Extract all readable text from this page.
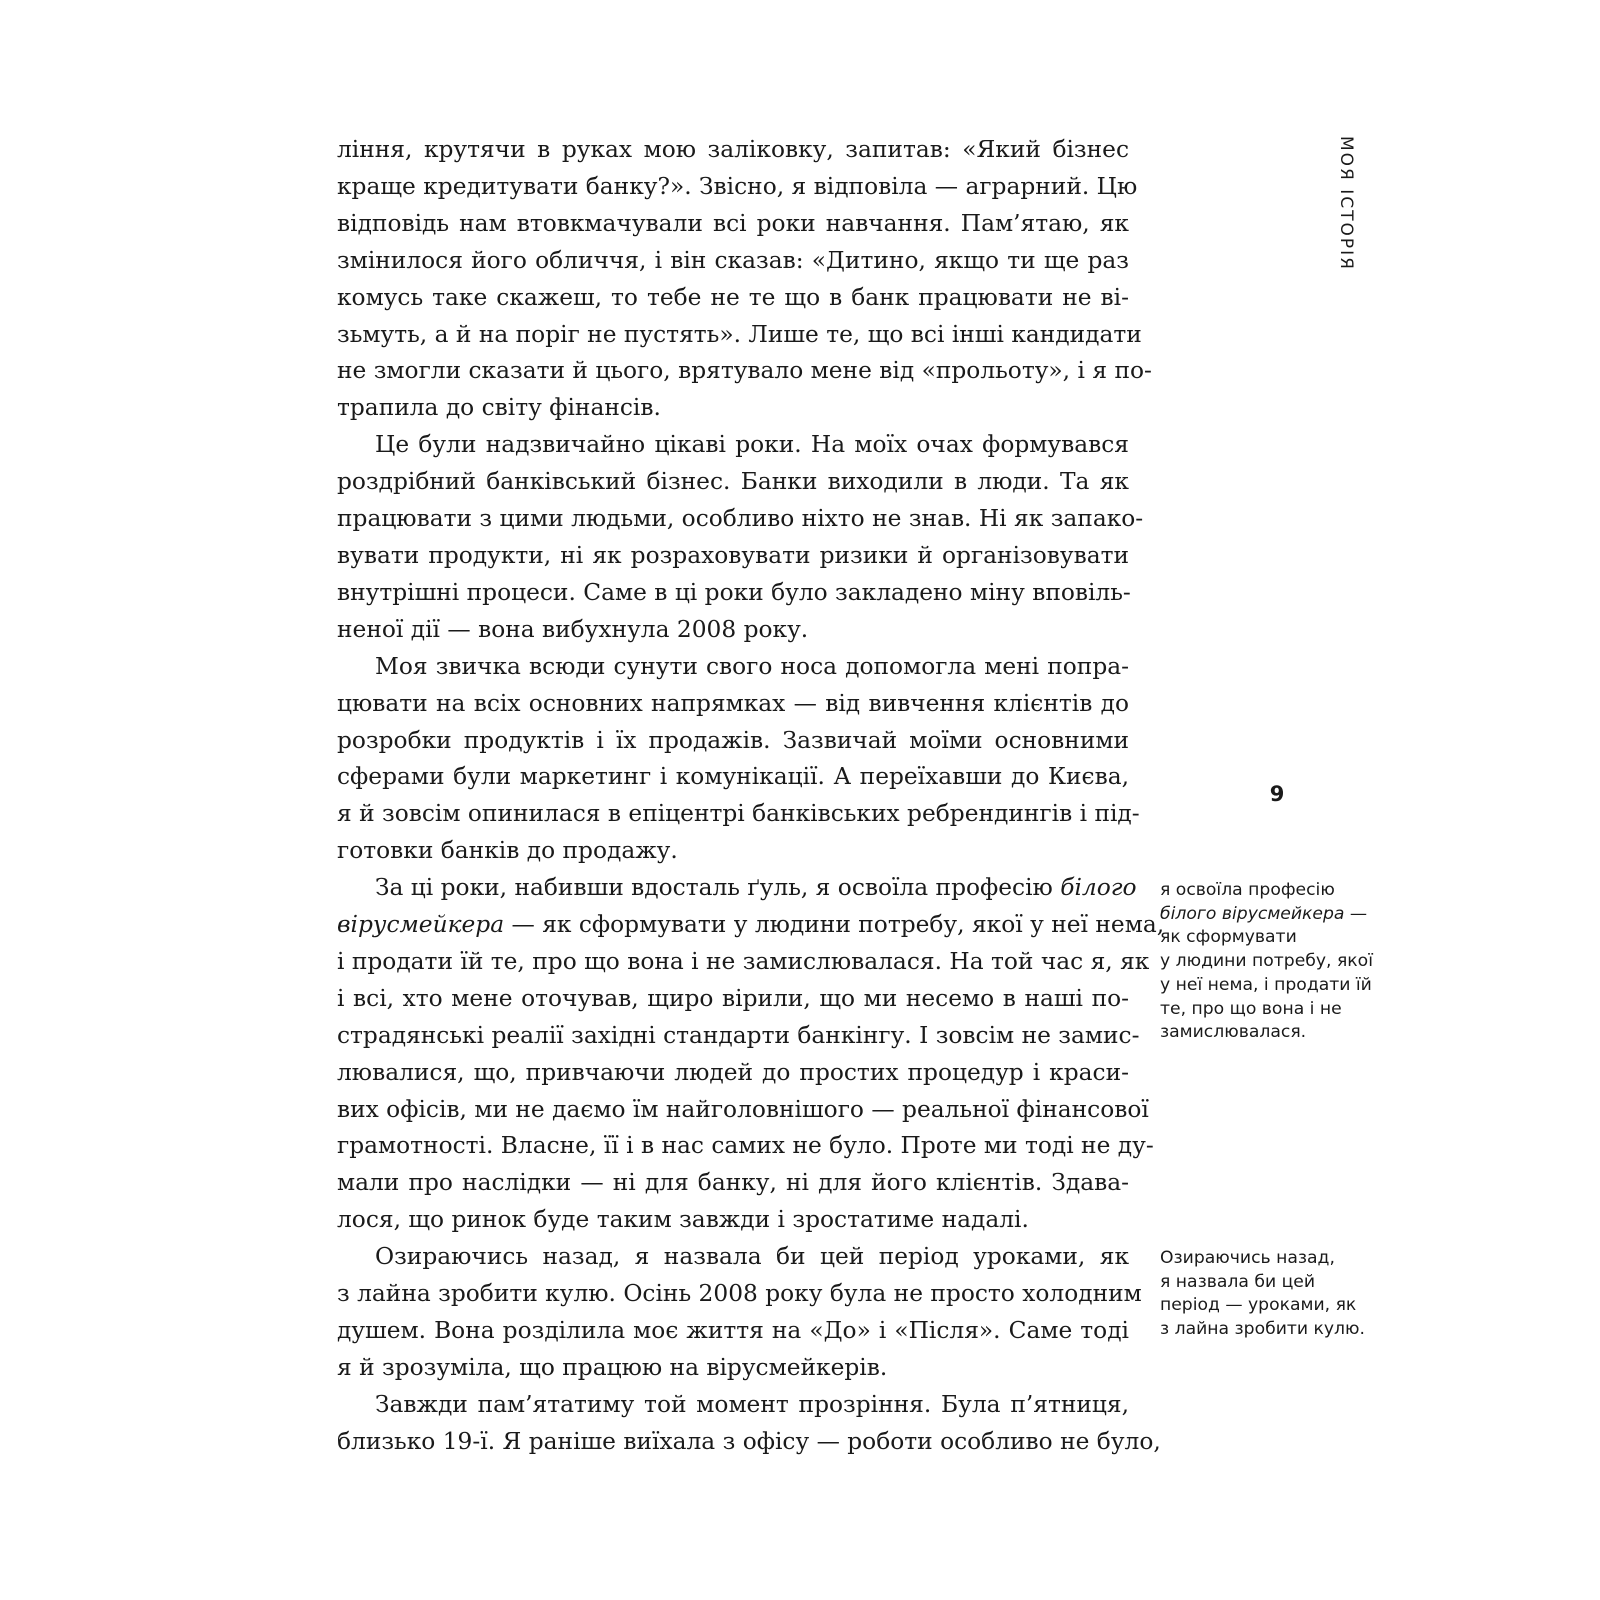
МОЯ ІСТОРІЯ

ління, крутячи в руках мою заліковку, запитав: «Який бізнес
краще кредитувати банку?». Звісно, я відповіла — аграрний. Цю
відповідь нам втовкмачували всі роки навчання. Пам’ятаю, як
змінилося його обличчя, і він сказав: «Дитино, якщо ти ще раз
комусь таке скажеш, то тебе не те що в банк працювати не ві-
зьмуть, а й на поріг не пустять». Лише те, що всі інші кандидати
не змогли сказати й цього, врятувало мене від «прольоту», і я по-
трапила до світу фінансів.

Це були надзвичайно цікаві роки. На моїх очах формувався
роздрібний банківський бізнес. Банки виходили в люди. Та як
працювати з цими людьми, особливо ніхто не знав. Ні як запако-
вувати продукти, ні як розраховувати ризики й організовувати
внутрішні процеси. Саме в ці роки було закладено міну вповіль-
неної дії — вона вибухнула 2008 року.

Моя звичка всюди сунути свого носа допомогла мені попра-
цювати на всіх основних напрямках — від вивчення клієнтів до
розробки продуктів і їх продажів. Зазвичай моїми основними
сферами були маркетинг і комунікації. А переїхавши до Києва,
я й зовсім опинилася в епіцентрі банківських ребрендингів і під-
готовки банків до продажу.

За ці роки, набивши вдосталь ґуль, я освоїла професію білого
вірусмейкера — як сформувати у людини потребу, якої у неї нема,
і продати їй те, про що вона і не замислювалася. На той час я, як
і всі, хто мене оточував, щиро вірили, що ми несемо в наші по-
страдянські реалії західні стандарти банкінгу. І зовсім не замис-
лювалися, що, привчаючи людей до простих процедур і краси-
вих офісів, ми не даємо їм найголовнішого — реальної фінансової
грамотності. Власне, її і в нас самих не було. Проте ми тоді не ду-
мали про наслідки — ні для банку, ні для його клієнтів. Здава-
лося, що ринок буде таким завжди і зростатиме надалі.

Озираючись назад, я назвала би цей період уроками, як
з лайна зробити кулю. Осінь 2008 року була не просто холодним
душем. Вона розділила моє життя на «До» і «Після». Саме тоді
я й зрозуміла, що працюю на вірусмейкерів.

Завжди пам’ятатиму той момент прозріння. Була п’ятниця,
близько 19-ї. Я раніше виїхала з офісу — роботи особливо не було,

9
я освоїла професію
білого вірусмейкера —
як сформувати
у людини потребу, якої
у неї нема, і продати їй
те, про що вона і не
замислювалася.
Озираючись назад,
я назвала би цей
період — уроками, як
з лайна зробити кулю.
